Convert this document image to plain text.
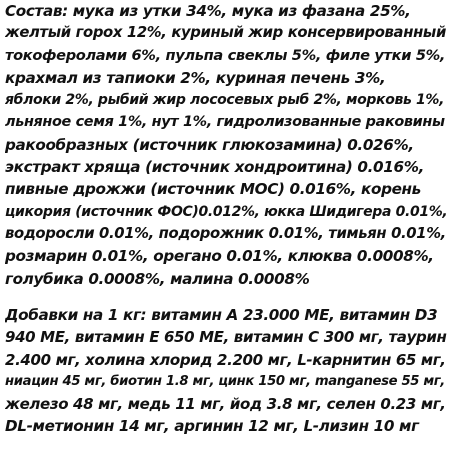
Состав: мука из утки 34%, мука из фазана 25%,
желтый горох 12%, куриный жир консервированный
токоферолами 6%, пульпа свеклы 5%, филе утки 5%,
крахмал из тапиоки 2%, куриная печень 3%,
яблоки 2%, рыбий жир лососевых рыб 2%, морковь 1%,
льняное семя 1%, нут 1%, гидролизованные раковины
ракообразных (источник глюкозамина) 0.026%,
экстракт хряща (источник хондроитина) 0.016%,
пивные дрожжи (источник МОС) 0.016%, корень
цикория (источник ФОС)0.012%, юкка Шидигера 0.01%,
водоросли 0.01%, подорожник 0.01%, тимьян 0.01%,
розмарин 0.01%, орегано 0.01%, клюква 0.0008%,
голубика 0.0008%, малина 0.0008%
Добавки на 1 кг: витамин А 23.000 МЕ, витамин D3
940 МЕ, витамин Е 650 МЕ, витамин С 300 мг, таурин
2.400 мг, холина хлорид 2.200 мг, L-карнитин 65 мг,
ниацин 45 мг, биотин 1.8 мг, цинк 150 мг, manganese 55 мг,
железо 48 мг, медь 11 мг, йод 3.8 мг, селен 0.23 мг,
DL-метионин 14 мг, аргинин 12 мг, L-лизин 10 мг
